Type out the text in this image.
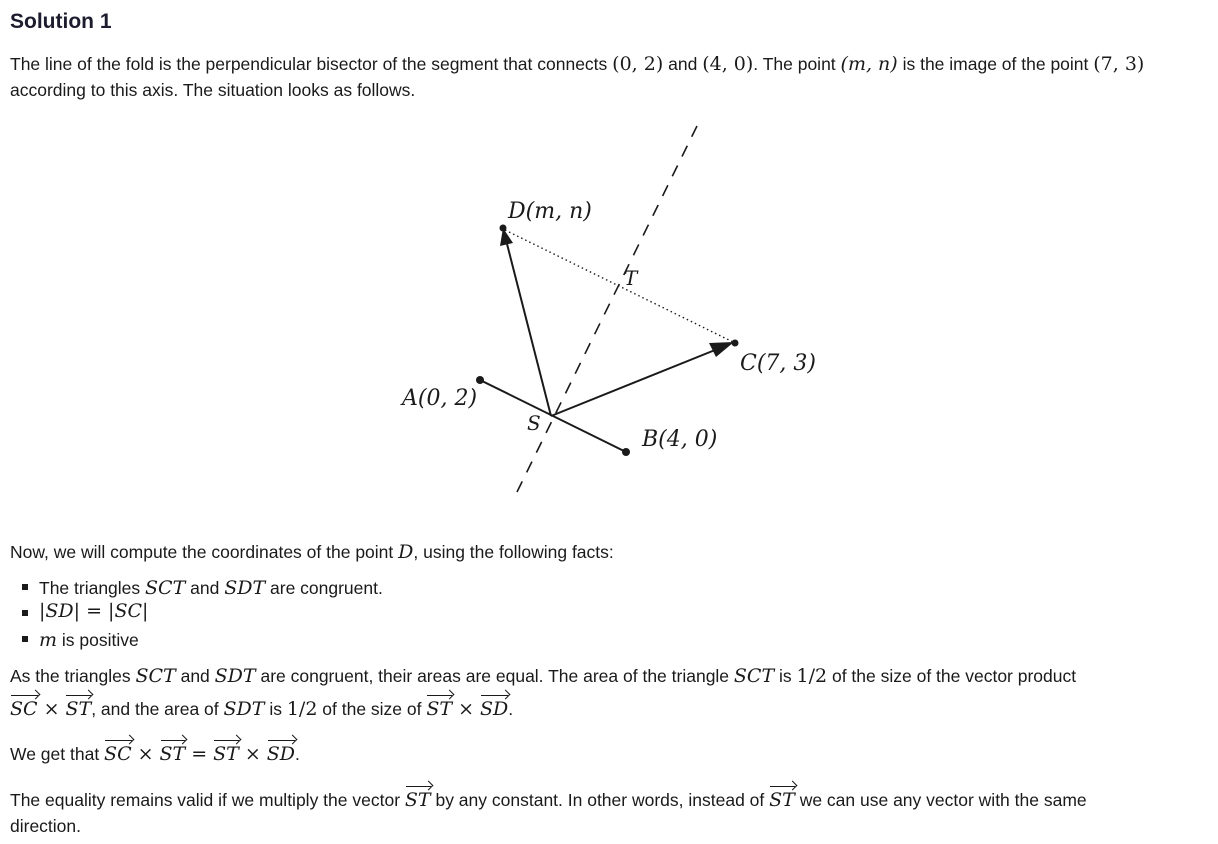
Solution 1
The line of the fold is the perpendicular bisector of the segment that connects (0, 2) and (4, 0). The point (m, n) is the image of the point (7, 3)
according to this axis. The situation looks as follows.
D(m, n)
T
C(7, 3)
A(0, 2)
S
B(4, 0)
Now, we will compute the coordinates of the point D, using the following facts:
The triangles SCT and SDT are congruent.
|SD| = |SC|
m is positive
As the triangles SCT and SDT are congruent, their areas are equal. The area of the triangle SCT is 1/2 of the size of the vector product
SC × ST, and the area of SDT is 1/2 of the size of ST × SD.
We get that SC × ST = ST × SD.
The equality remains valid if we multiply the vector ST by any constant. In other words, instead of ST we can use any vector with the same
direction.
